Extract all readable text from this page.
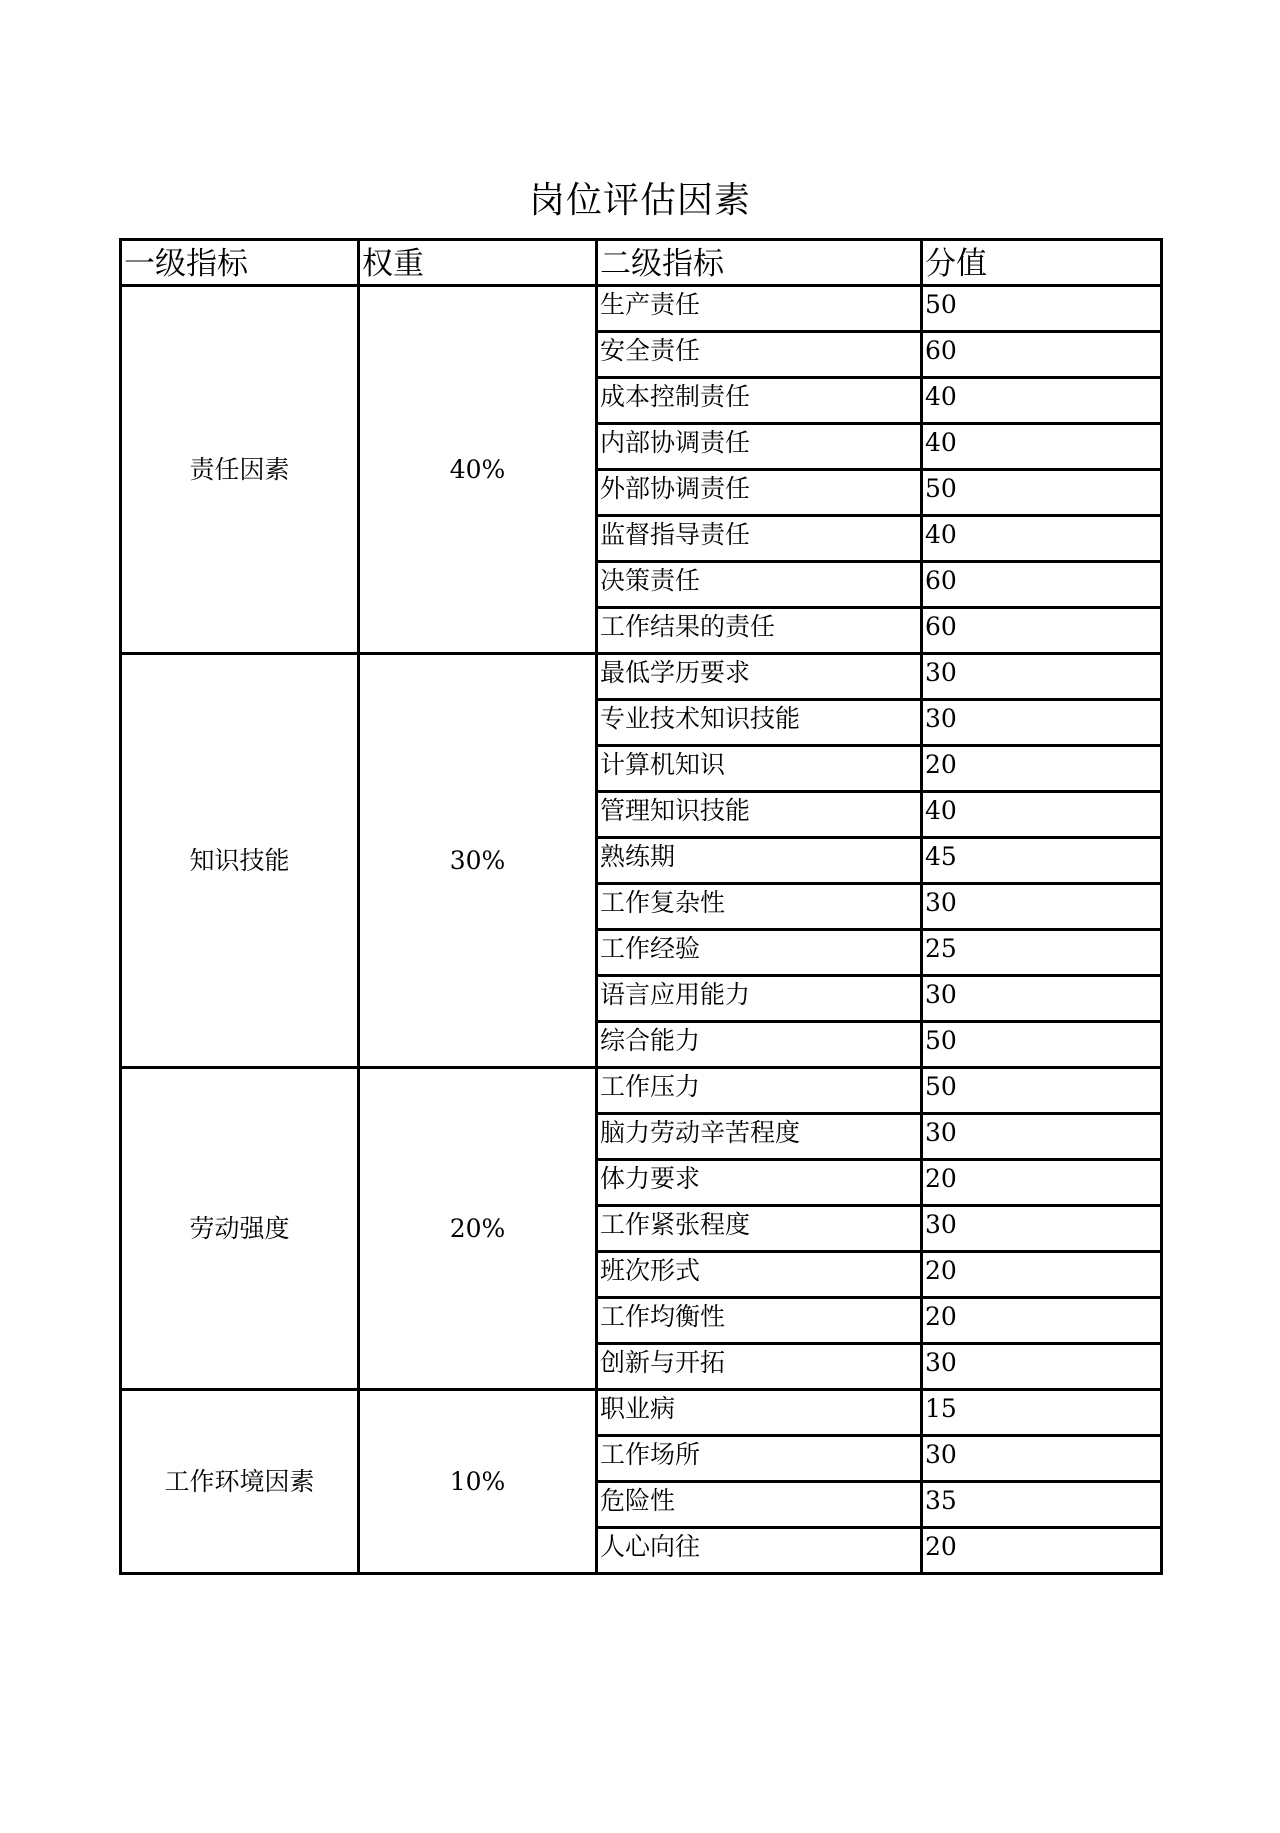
岗位评估因素
一级指标	权重	二级指标	分值
责任因素	40%	生产责任	50
		安全责任	60
		成本控制责任	40
		内部协调责任	40
		外部协调责任	50
		监督指导责任	40
		决策责任	60
		工作结果的责任	60
知识技能	30%	最低学历要求	30
		专业技术知识技能	30
		计算机知识	20
		管理知识技能	40
		熟练期	45
		工作复杂性	30
		工作经验	25
		语言应用能力	30
		综合能力	50
劳动强度	20%	工作压力	50
		脑力劳动辛苦程度	30
		体力要求	20
		工作紧张程度	30
		班次形式	20
		工作均衡性	20
		创新与开拓	30
工作环境因素	10%	职业病	15
		工作场所	30
		危险性	35
		人心向往	20
